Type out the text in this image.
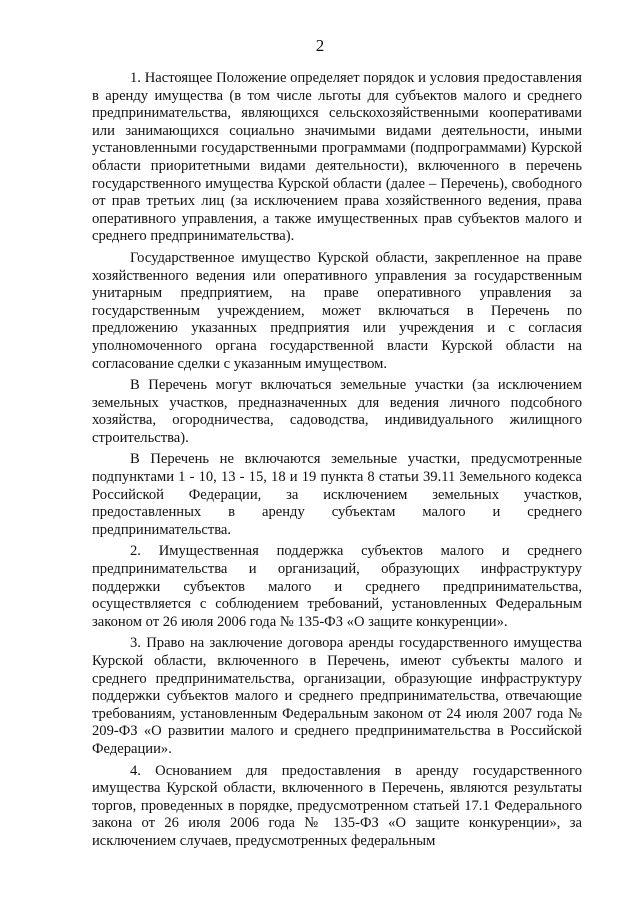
2

1. Настоящее Положение определяет порядок и условия предоставления в аренду имущества (в том числе льготы для субъектов малого и среднего предпринимательства, являющихся сельскохозяйственными кооперативами или занимающихся социально значимыми видами деятельности, иными установленными государственными программами (подпрограммами) Курской области приоритетными видами деятельности), включенного в перечень государственного имущества Курской области (далее – Перечень), свободного от прав третьих лиц (за исключением права хозяйственного ведения, права оперативного управления, а также имущественных прав субъектов малого и среднего предпринимательства).

Государственное имущество Курской области, закрепленное на праве хозяйственного ведения или оперативного управления за государственным унитарным предприятием, на праве оперативного управления за государственным учреждением, может включаться в Перечень по предложению указанных предприятия или учреждения и с согласия уполномоченного органа государственной власти Курской области на согласование сделки с указанным имуществом.

В Перечень могут включаться земельные участки (за исключением земельных участков, предназначенных для ведения личного подсобного хозяйства, огородничества, садоводства, индивидуального жилищного строительства).

В Перечень не включаются земельные участки, предусмотренные подпунктами 1 - 10, 13 - 15, 18 и 19 пункта 8 статьи 39.11 Земельного кодекса Российской Федерации, за исключением земельных участков, предоставленных в аренду субъектам малого и среднего предпринимательства.

2. Имущественная поддержка субъектов малого и среднего предпринимательства и организаций, образующих инфраструктуру поддержки субъектов малого и среднего предпринимательства, осуществляется с соблюдением требований, установленных Федеральным законом от 26 июля 2006 года № 135-ФЗ «О защите конкуренции».

3. Право на заключение договора аренды государственного имущества Курской области, включенного в Перечень, имеют субъекты малого и среднего предпринимательства, организации, образующие инфраструктуру поддержки субъектов малого и среднего предпринимательства, отвечающие требованиям, установленным Федеральным законом от 24 июля 2007 года № 209-ФЗ «О развитии малого и среднего предпринимательства в Российской Федерации».

4. Основанием для предоставления в аренду государственного имущества Курской области, включенного в Перечень, являются результаты торгов, проведенных в порядке, предусмотренном статьей 17.1 Федерального закона от 26 июля 2006 года № 135-ФЗ «О защите конкуренции», за исключением случаев, предусмотренных федеральным
